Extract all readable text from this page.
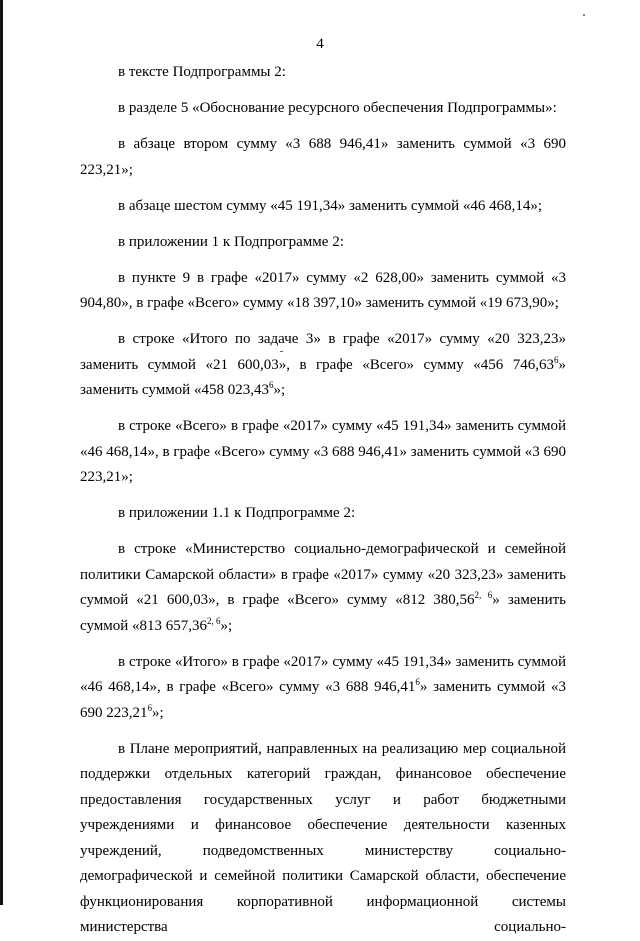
4

в тексте Подпрограммы 2:

в разделе 5 «Обоснование ресурсного обеспечения Подпрограммы»:

в абзаце втором сумму «3 688 946,41» заменить суммой «3 690 223,21»;

в абзаце шестом сумму «45 191,34» заменить суммой «46 468,14»;

в приложении 1 к Подпрограмме 2:

в пункте 9 в графе «2017» сумму «2 628,00» заменить суммой «3 904,80», в графе «Всего» сумму «18 397,10» заменить суммой «19 673,90»;

в строке «Итого по задаче 3» в графе «2017» сумму «20 323,23» заменить суммой «21 600,03», в графе «Всего» сумму «456 746,63$^6$» заменить суммой «458 023,43$^6$»;

в строке «Всего» в графе «2017» сумму «45 191,34» заменить суммой «46 468,14», в графе «Всего» сумму «3 688 946,41» заменить суммой «3 690 223,21»;

в приложении 1.1 к Подпрограмме 2:

в строке «Министерство социально-демографической и семейной политики Самарской области» в графе «2017» сумму «20 323,23» заменить суммой «21 600,03», в графе «Всего» сумму «812 380,56$^{2, 6}$» заменить суммой «813 657,36$^{2, 6}$»;

в строке «Итого» в графе «2017» сумму «45 191,34» заменить суммой «46 468,14», в графе «Всего» сумму «3 688 946,41$^6$» заменить суммой «3 690 223,21$^6$»;

в Плане мероприятий, направленных на реализацию мер социальной поддержки отдельных категорий граждан, финансовое обеспечение предоставления государственных услуг и работ бюджетными учреждениями и финансовое обеспечение деятельности казенных учреждений, подведомственных министерству социально-демографической и семейной политики Самарской области, обеспечение функционирования корпоративной информационной системы министерства социально-
